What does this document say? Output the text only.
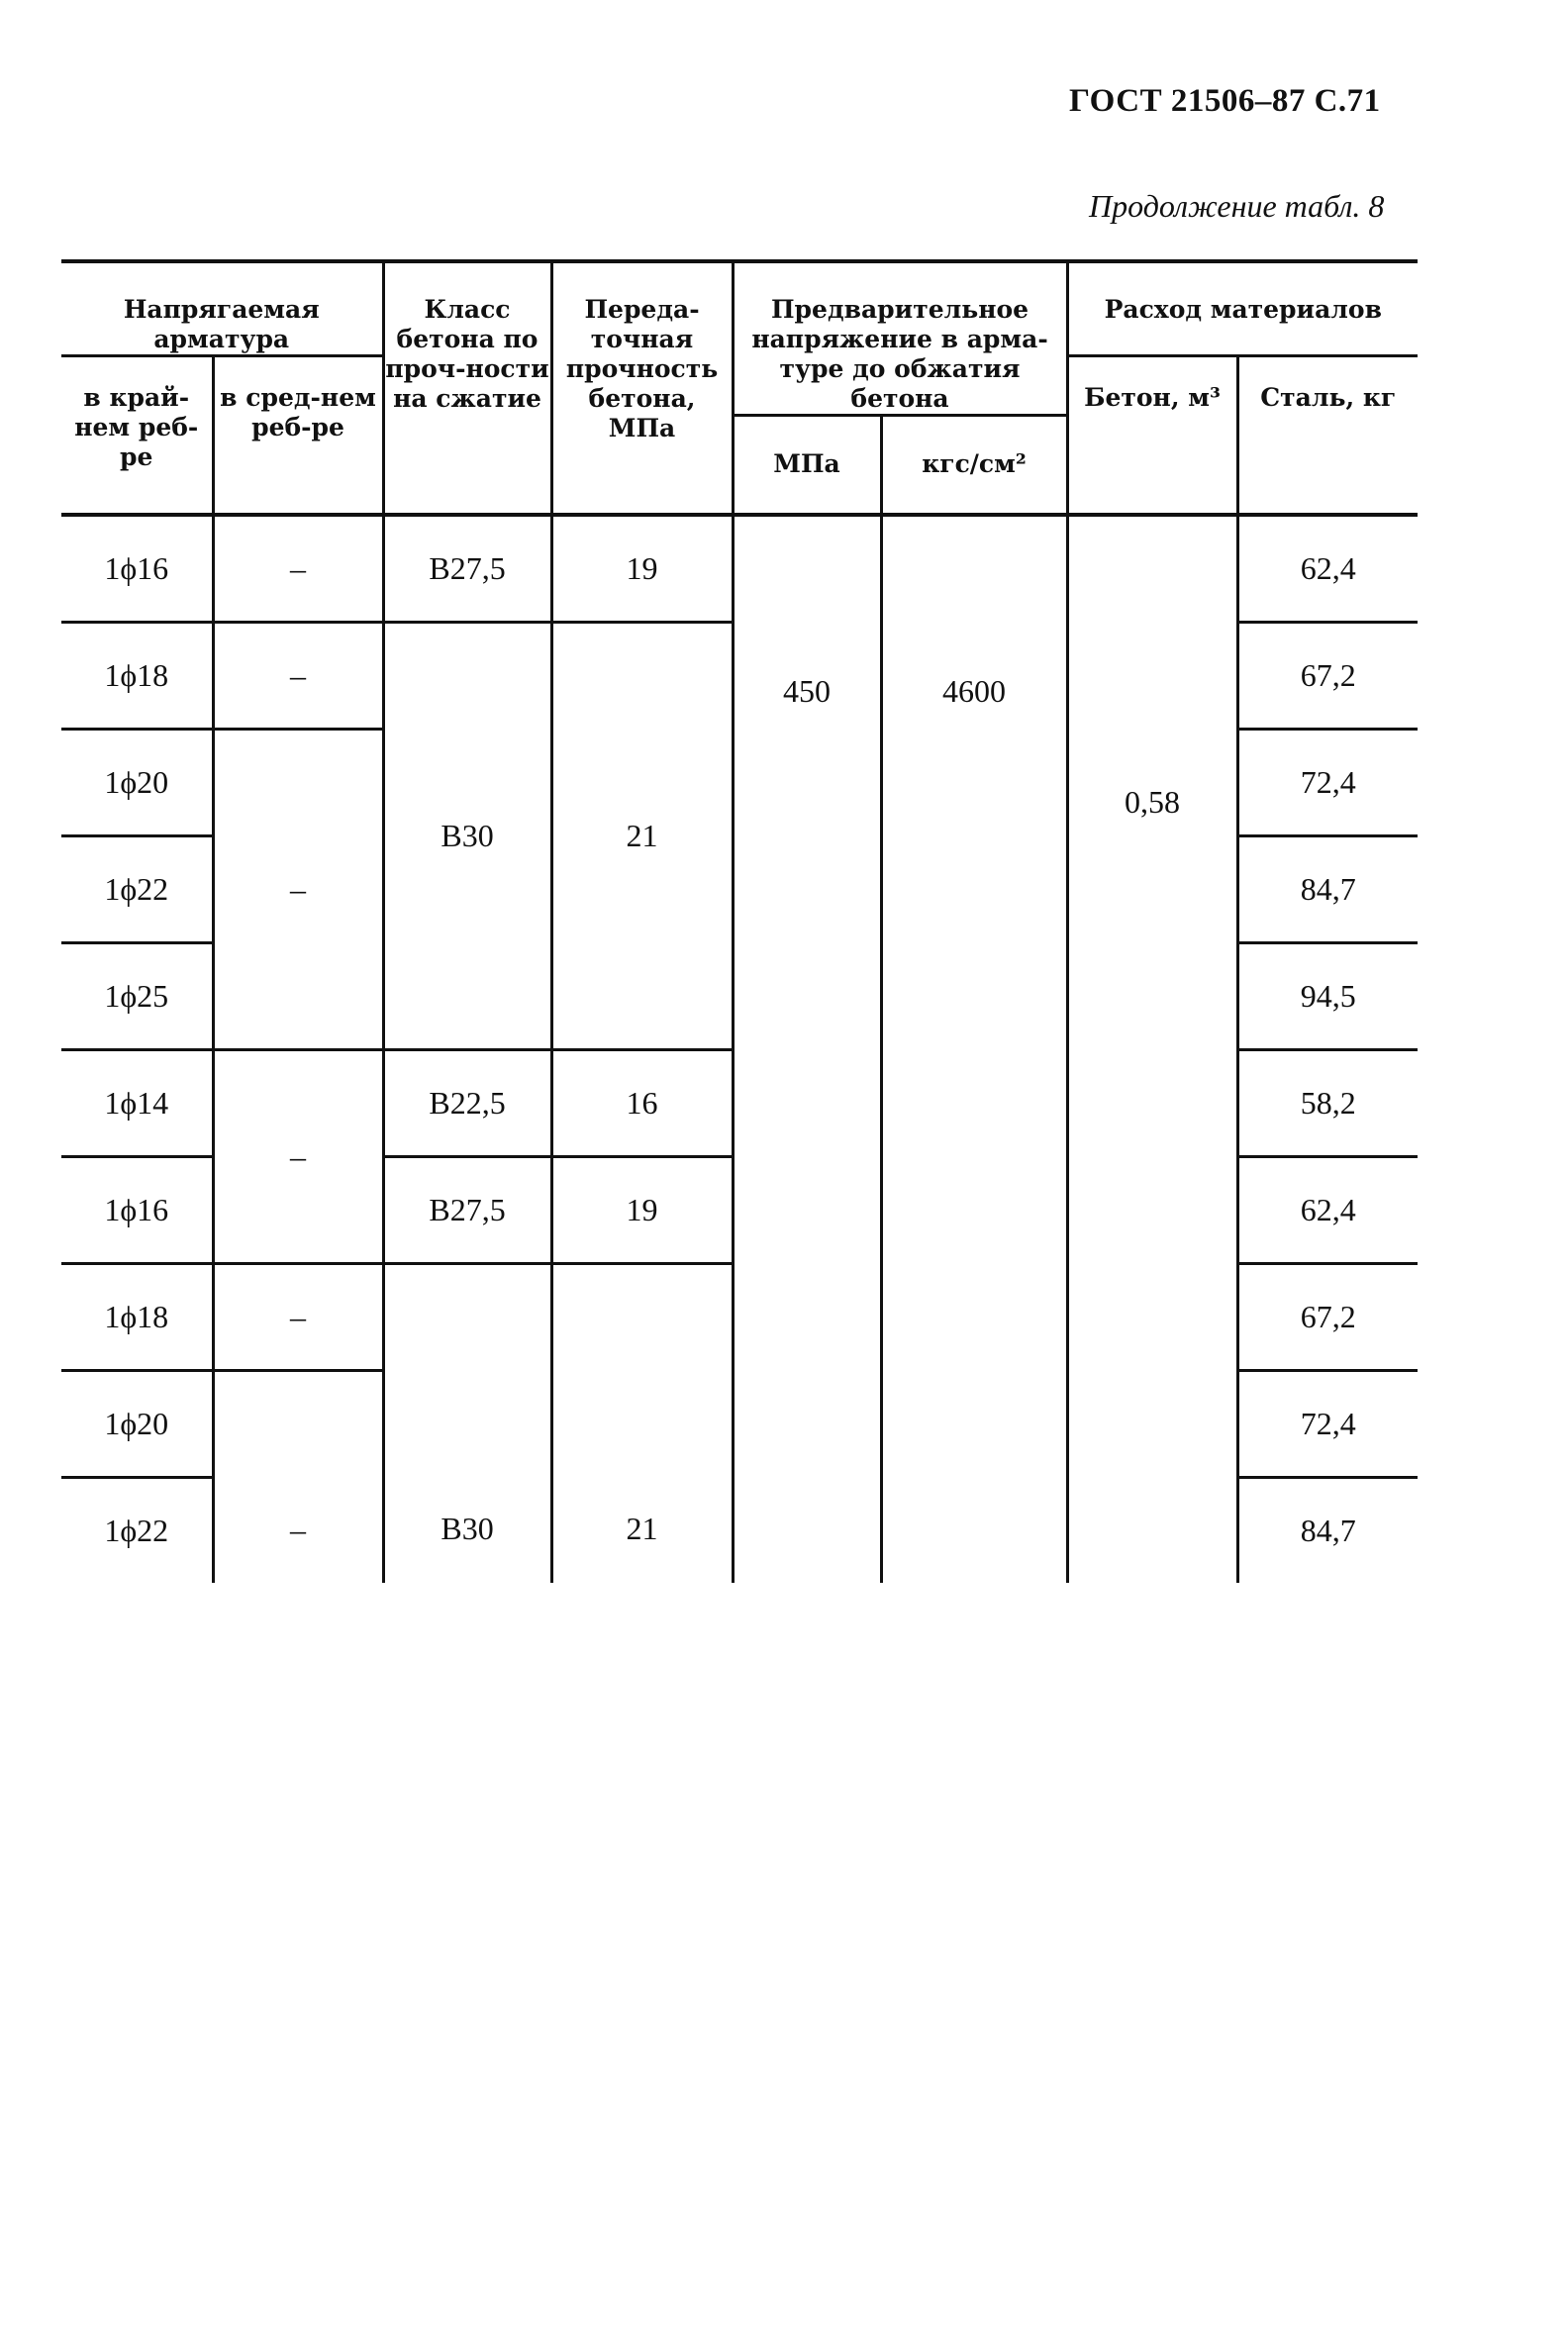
ГОСТ 21506–87 С.71
Продолжение табл. 8
Напрягаемая арматура		Класс бетона по проч-ности на сжатие	Переда-точная прочность бетона, МПа	Предварительное напряжение в арма-туре до обжатия бетона		Расход материалов	
в край-нем реб-ре	в сред-нем реб-ре					Бетон, м³	Сталь, кг
				МПа	кгс/см²		
1ϕ16	–	В27,5	19	450	4600	0,58	62,4
1ϕ18	–	В30	21				67,2
1ϕ20	–						72,4
1ϕ22							84,7
1ϕ25							94,5
1ϕ14	–	В22,5	16				58,2
1ϕ16		В27,5	19				62,4
1ϕ18	–	В30	21				67,2
1ϕ20	–						72,4
1ϕ22							84,7
